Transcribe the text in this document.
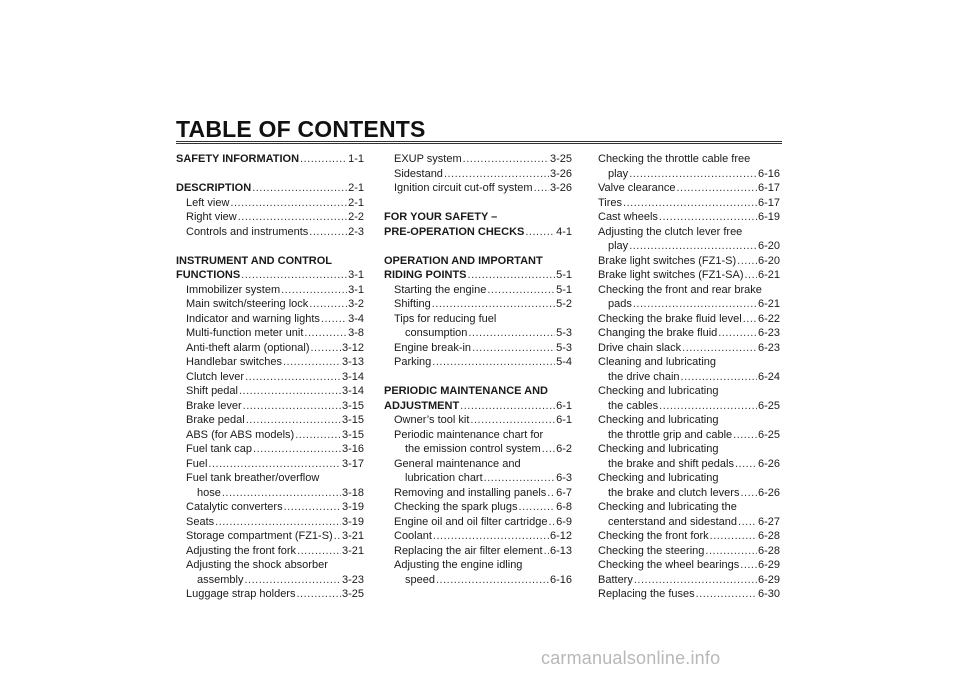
TABLE OF CONTENTS
SAFETY INFORMATION .....	1-1
DESCRIPTION .....	2-1
Left view .....	2-1
Right view .....	2-2
Controls and instruments .....	2-3
INSTRUMENT AND CONTROL
FUNCTIONS .....	3-1
Immobilizer system .....	3-1
Main switch/steering lock .....	3-2
Indicator and warning lights .....	3-4
Multi-function meter unit .....	3-8
Anti-theft alarm (optional) .....	3-12
Handlebar switches .....	3-13
Clutch lever .....	3-14
Shift pedal .....	3-14
Brake lever .....	3-15
Brake pedal .....	3-15
ABS (for ABS models) .....	3-15
Fuel tank cap .....	3-16
Fuel .....	3-17
Fuel tank breather/overflow
hose .....	3-18
Catalytic converters .....	3-19
Seats .....	3-19
Storage compartment (FZ1-S) ..... 3-21
Adjusting the front fork .....	3-21
Adjusting the shock absorber
assembly .....	3-23
Luggage strap holders .....	3-25
EXUP system .....	3-25
Sidestand .....	3-26
Ignition circuit cut-off system ..... 3-26
FOR YOUR SAFETY –
PRE-OPERATION CHECKS .....	4-1
OPERATION AND IMPORTANT
RIDING POINTS .....	5-1
Starting the engine .....	5-1
Shifting .....	5-2
Tips for reducing fuel
consumption .....	5-3
Engine break-in .....	5-3
Parking .....	5-4
PERIODIC MAINTENANCE AND
ADJUSTMENT .....	6-1
Owner’s tool kit .....	6-1
Periodic maintenance chart for
the emission control system ..... 6-2
General maintenance and
lubrication chart .....	6-3
Removing and installing panels ..... 6-7
Checking the spark plugs .....	6-8
Engine oil and oil filter cartridge ..... 6-9
Coolant .....	6-12
Replacing the air filter element ..... 6-13
Adjusting the engine idling
speed .....	6-16
Checking the throttle cable free
play .....	6-16
Valve clearance .....	6-17
Tires .....	6-17
Cast wheels .....	6-19
Adjusting the clutch lever free
play .....	6-20
Brake light switches (FZ1-S) ..... 6-20
Brake light switches (FZ1-SA) ..... 6-21
Checking the front and rear brake
pads .....	6-21
Checking the brake fluid level ..... 6-22
Changing the brake fluid .....	6-23
Drive chain slack .....	6-23
Cleaning and lubricating
the drive chain .....	6-24
Checking and lubricating
the cables .....	6-25
Checking and lubricating
the throttle grip and cable ..... 6-25
Checking and lubricating
the brake and shift pedals ..... 6-26
Checking and lubricating
the brake and clutch levers ..... 6-26
Checking and lubricating the
centerstand and sidestand ..... 6-27
Checking the front fork .....	6-28
Checking the steering .....	6-28
Checking the wheel bearings ..... 6-29
Battery .....	6-29
Replacing the fuses .....	6-30
carmanualsonline.info
